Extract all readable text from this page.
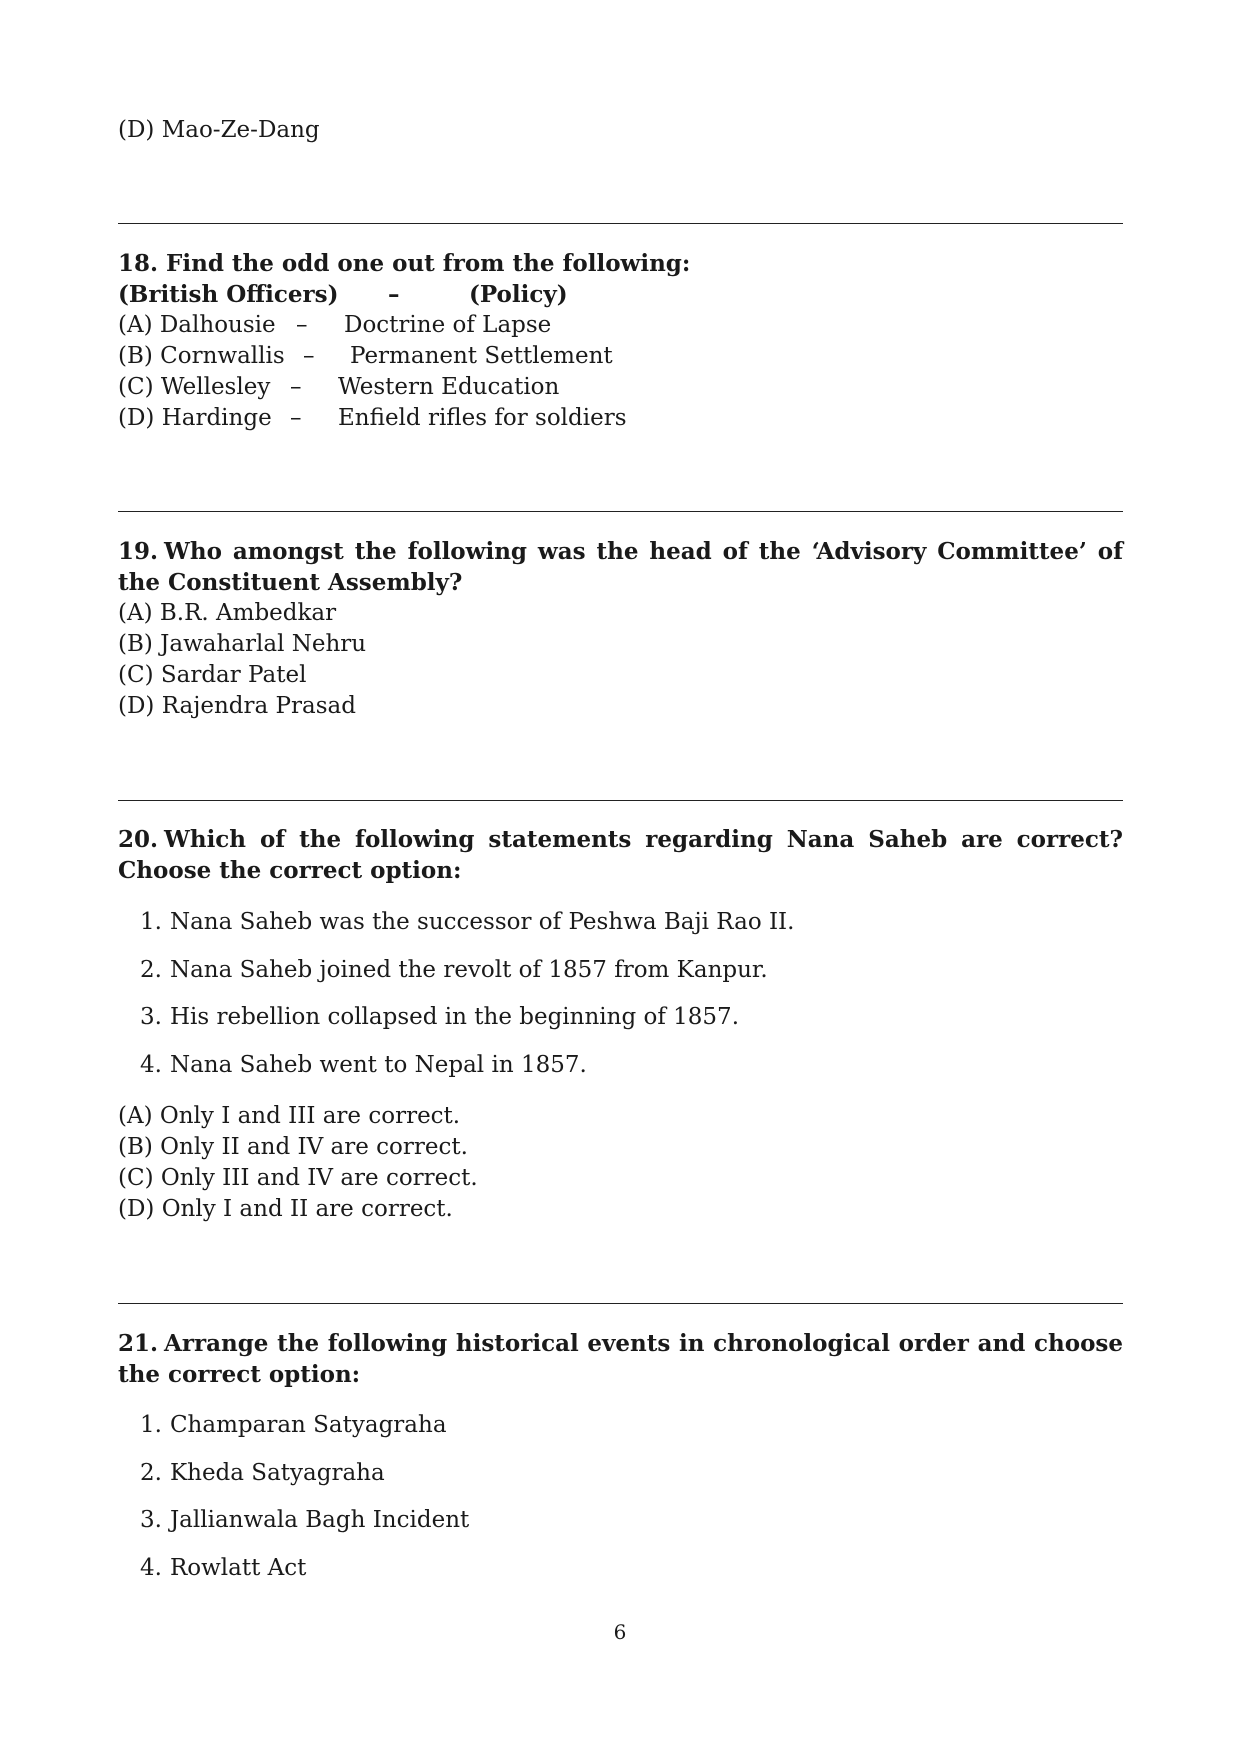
(D) Mao-Ze-Dang
18. Find the odd one out from the following:
(British Officers) –	(Policy)
(A) Dalhousie – Doctrine of Lapse
(B) Cornwallis – Permanent Settlement
(C) Wellesley – Western Education
(D) Hardinge – Enfield rifles for soldiers
19. Who amongst the following was the head of the ‘Advisory Committee’ of the Constituent Assembly?
(A) B.R. Ambedkar
(B) Jawaharlal Nehru
(C) Sardar Patel
(D) Rajendra Prasad
20. Which of the following statements regarding Nana Saheb are correct? Choose the correct option:
1. Nana Saheb was the successor of Peshwa Baji Rao II.
2. Nana Saheb joined the revolt of 1857 from Kanpur.
3. His rebellion collapsed in the beginning of 1857.
4. Nana Saheb went to Nepal in 1857.
(A) Only I and III are correct.
(B) Only II and IV are correct.
(C) Only III and IV are correct.
(D) Only I and II are correct.
21. Arrange the following historical events in chronological order and choose the correct option:
1. Champaran Satyagraha
2. Kheda Satyagraha
3. Jallianwala Bagh Incident
4. Rowlatt Act
6
